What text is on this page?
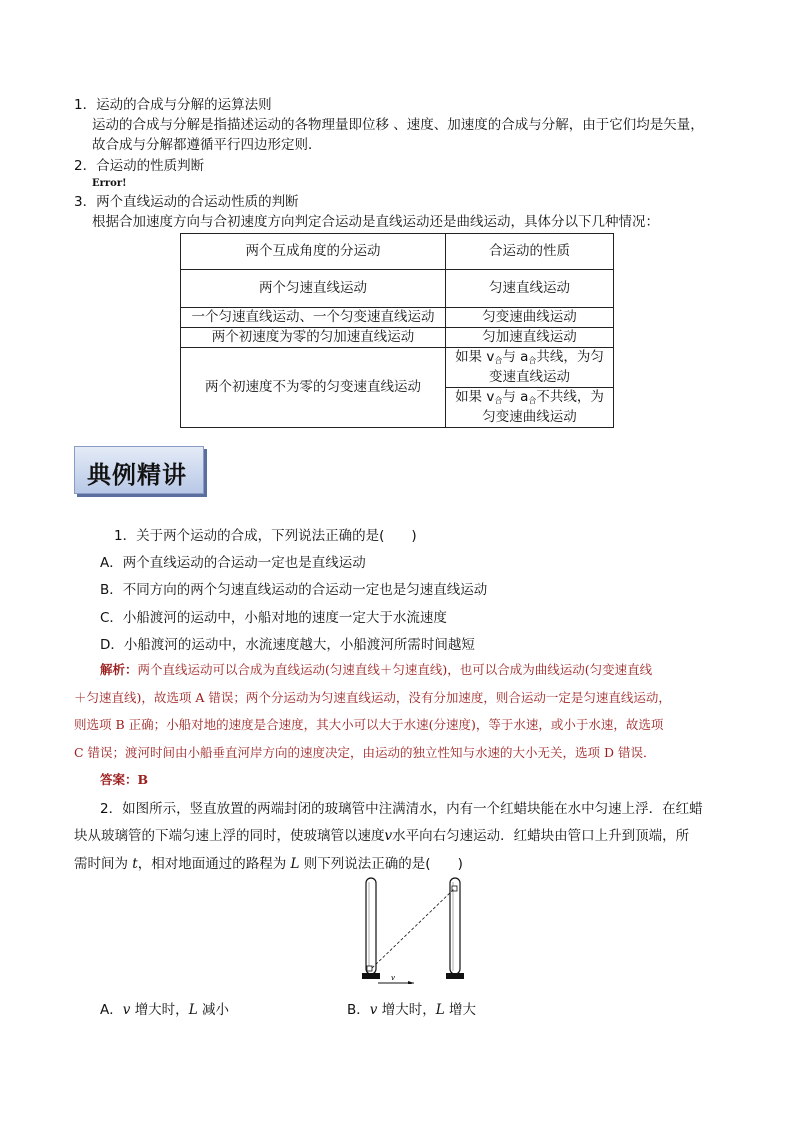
1．运动的合成与分解的运算法则
运动的合成与分解是指描述运动的各物理量即位移 、速度、加速度的合成与分解，由于它们均是矢量，
故合成与分解都遵循平行四边形定则．
2．合运动的性质判断
Error!
3．两个直线运动的合运动性质的判断
根据合加速度方向与合初速度方向判定合运动是直线运动还是曲线运动，具体分以下几种情况：
两个互成角度的分运动	合运动的性质
两个匀速直线运动	匀速直线运动
一个匀速直线运动、一个匀变速直线运动	匀变速曲线运动
两个初速度为零的匀加速直线运动	匀加速直线运动
两个初速度不为零的匀变速直线运动	如果 $v_合$与 $a_合$共线，为匀
变速直线运动
	如果 $v_合$与 $a_合$不共线，为
匀变速曲线运动
典例精讲
1．关于两个运动的合成，下列说法正确的是(　　)
A．两个直线运动的合运动一定也是直线运动
B．不同方向的两个匀速直线运动的合运动一定也是匀速直线运动
C．小船渡河的运动中，小船对地的速度一定大于水流速度
D．小船渡河的运动中，水流速度越大，小船渡河所需时间越短
解析：两个直线运动可以合成为直线运动(匀速直线＋匀速直线)，也可以合成为曲线运动(匀变速直线
＋匀速直线)，故选项 A 错误；两个分运动为匀速直线运动，没有分加速度，则合运动一定是匀速直线运动，
则选项 B 正确；小船对地的速度是合速度，其大小可以大于水速(分速度)，等于水速，或小于水速，故选项
C 错误；渡河时间由小船垂直河岸方向的速度决定，由运动的独立性知与水速的大小无关，选项 D 错误．
答案：B
2．如图所示，竖直放置的两端封闭的玻璃管中注满清水，内有一个红蜡块能在水中匀速上浮．在红蜡
块从玻璃管的下端匀速上浮的同时，使玻璃管以速度v水平向右匀速运动．红蜡块由管口上升到顶端，所
需时间为 t，相对地面通过的路程为 L 则下列说法正确的是(　　)
v
A．v 增大时，L 减小	B．v 增大时，L 增大
